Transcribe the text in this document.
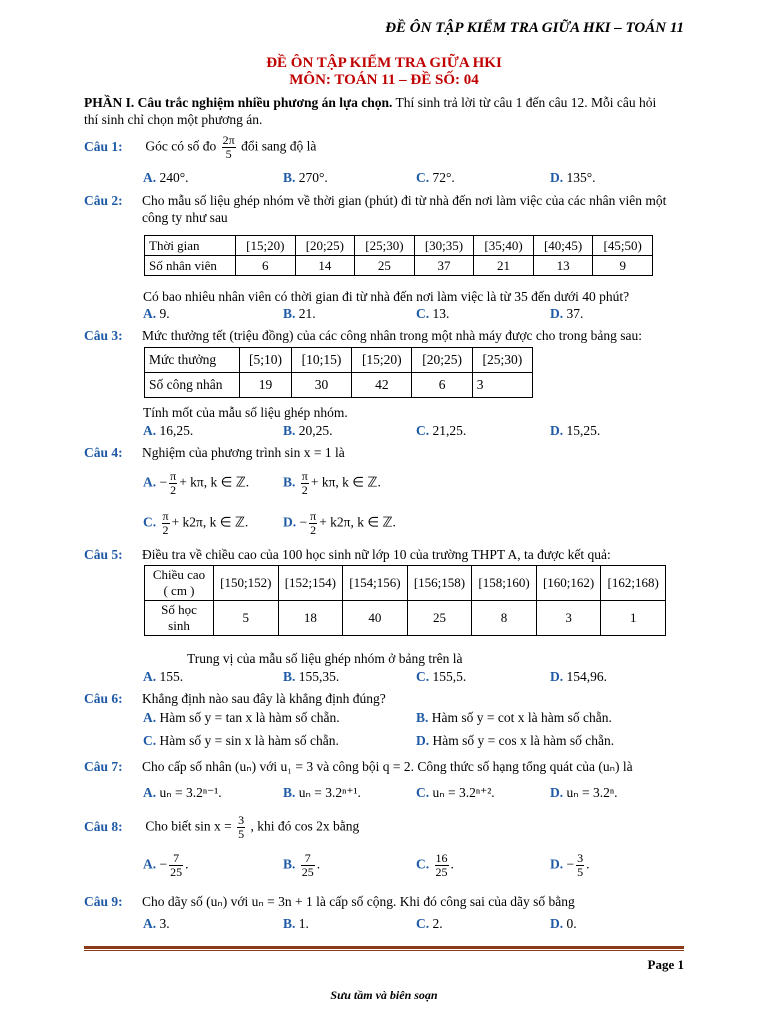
ĐỀ ÔN TẬP KIỂM TRA GIỮA HKI – TOÁN 11
ĐỀ ÔN TẬP KIỂM TRA GIỮA HKI
MÔN: TOÁN 11 – ĐỀ SỐ: 04
PHẦN I. Câu trắc nghiệm nhiều phương án lựa chọn. Thí sinh trả lời từ câu 1 đến câu 12. Mỗi câu hỏi
thí sinh chỉ chọn một phương án.
Câu 1: Góc có số đo $\frac{2\pi}{5}$ đổi sang độ là
A. 240°.	B. 270°.	C. 72°.	D. 135°.
Câu 2: Cho mẫu số liệu ghép nhóm về thời gian (phút) đi từ nhà đến nơi làm việc của các nhân viên một
công ty như sau
Thời gian	[15;20)	[20;25)	[25;30)	[30;35)	[35;40)	[40;45)	[45;50)
Số nhân viên	6	14	25	37	21	13	9
Có bao nhiêu nhân viên có thời gian đi từ nhà đến nơi làm việc là từ 35 đến dưới 40 phút?
A. 9.	B. 21.	C. 13.	D. 37.
Câu 3: Mức thưởng tết (triệu đồng) của các công nhân trong một nhà máy được cho trong bảng sau:
Mức thưởng	[5;10)	[10;15)	[15;20)	[20;25)	[25;30)
Số công nhân	19	30	42	6	3
Tính mốt của mẫu số liệu ghép nhóm.
A. 16,25.	B. 20,25.	C. 21,25.	D. 15,25.
Câu 4: Nghiệm của phương trình sin x = 1 là
A. − $\frac{\pi}{2} + k\pi$, k ∈ ℤ.	B. $\frac{\pi}{2} + k\pi$, k ∈ ℤ.
C. $\frac{\pi}{2} + k2\pi$, k ∈ ℤ.	D. − $\frac{\pi}{2} + k2\pi$, k ∈ ℤ.
Câu 5: Điều tra về chiều cao của 100 học sinh nữ lớp 10 của trường THPT A, ta được kết quả:
Chiều cao
( cm )	[150;152)	[152;154)	[154;156)	[156;158)	[158;160)	[160;162)	[162;168)
Số học
sinh	5	18	40	25	8	3	1
Trung vị của mẫu số liệu ghép nhóm ở bảng trên là
A. 155.	B. 155,35.	C. 155,5.	D. 154,96.
Câu 6: Khẳng định nào sau đây là khẳng định đúng?
A. Hàm số y = tan x là hàm số chẵn.	B. Hàm số y = cot x là hàm số chẵn.
C. Hàm số y = sin x là hàm số chẵn.	D. Hàm số y = cos x là hàm số chẵn.
Câu 7: Cho cấp số nhân (uₙ) với u₁ = 3 và công bội q = 2. Công thức số hạng tổng quát của (uₙ) là
A. uₙ = 3.2ⁿ⁻¹.	B. uₙ = 3.2ⁿ⁺¹.	C. uₙ = 3.2ⁿ⁺².	D. uₙ = 3.2ⁿ.
Câu 8: Cho biết $\sin x = \frac{3}{5}$ , khi đó cos 2x bằng
A. − $\frac{7}{25}$ .	B. $\frac{7}{25}$ .	C. $\frac{16}{25}$ .	D. − $\frac{3}{5}$ .
Câu 9: Cho dãy số (uₙ) với uₙ = 3n + 1 là cấp số cộng. Khi đó công sai của dãy số bằng
A. 3.	B. 1.	C. 2.	D. 0.
Page 1
Sưu tầm và biên soạn
